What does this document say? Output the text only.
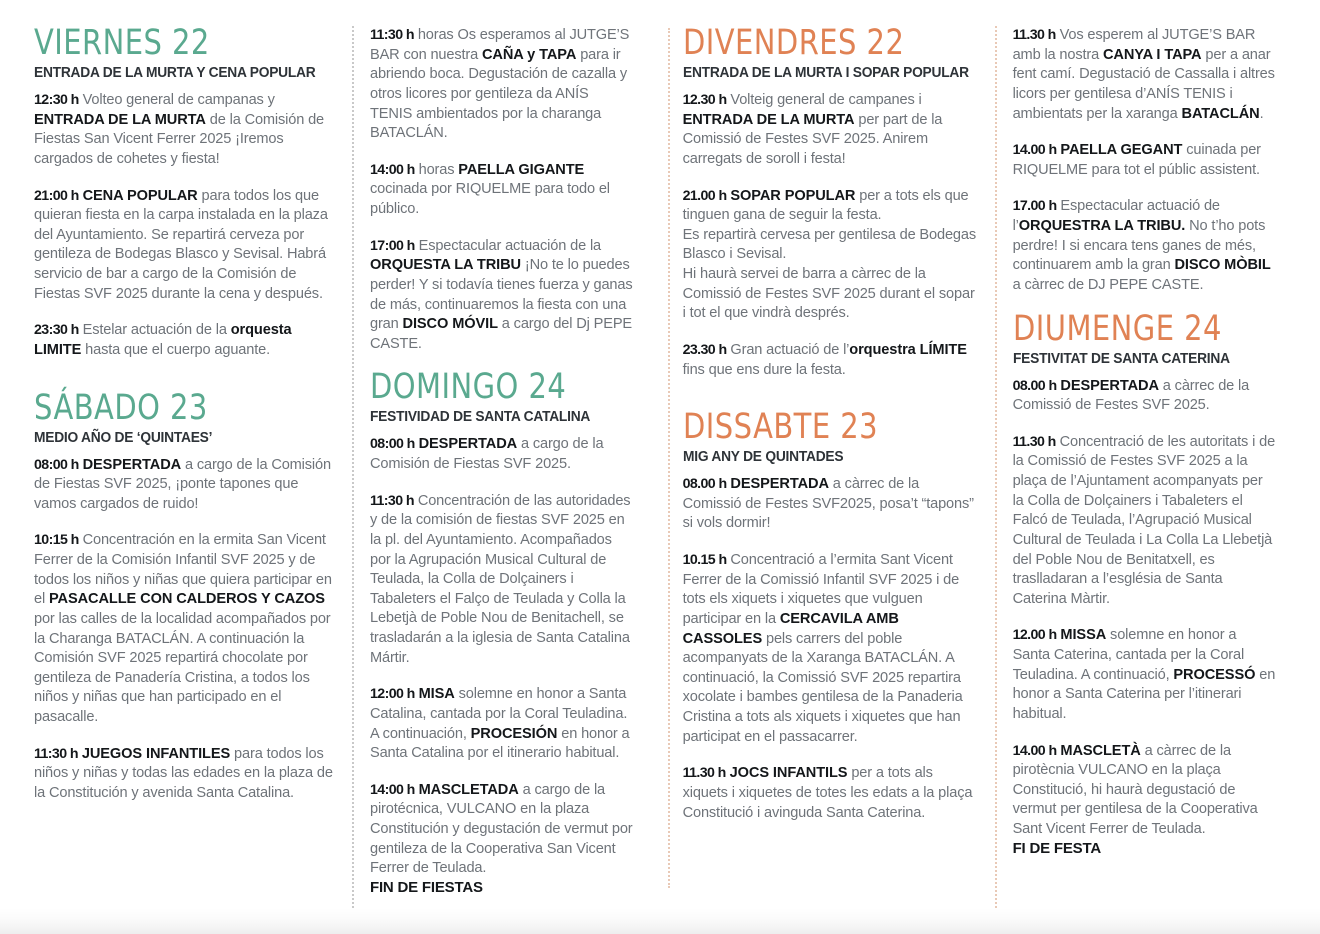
VIERNES 22
ENTRADA DE LA MURTA Y CENA POPULAR

12:30 h Volteo general de campanas y ENTRADA DE LA MURTA de la Comisión de Fiestas San Vicent Ferrer 2025 ¡Iremos cargados de cohetes y fiesta!

21:00 h CENA POPULAR para todos los que quieran fiesta en la carpa instalada en la plaza del Ayuntamiento. Se repartirá cerveza por gentileza de Bodegas Blasco y Sevisal. Habrá servicio de bar a cargo de la Comisión de Fiestas SVF 2025 durante la cena y después.

23:30 h Estelar actuación de la orquesta LIMITE hasta que el cuerpo aguante.

SÁBADO 23
MEDIO AÑO DE ‘QUINTAES’

08:00 h DESPERTADA a cargo de la Comisión de Fiestas SVF 2025, ¡ponte tapones que vamos cargados de ruido!

10:15 h Concentración en la ermita San Vicent Ferrer de la Comisión Infantil SVF 2025 y de todos los niños y niñas que quiera participar en el PASACALLE CON CALDEROS Y CAZOS por las calles de la localidad acompañados por la Charanga BATACLÁN. A continuación la Comisión SVF 2025 repartirá chocolate por gentileza de Panadería Cristina, a todos los niños y niñas que han participado en el pasacalle.

11:30 h JUEGOS INFANTILES para todos los niños y niñas y todas las edades en la plaza de la Constitución y avenida Santa Catalina.

11:30 h horas Os esperamos al JUTGE’S BAR con nuestra CAÑA y TAPA para ir abriendo boca. Degustación de cazalla y otros licores por gentileza da ANÍS TENIS ambientados por la charanga BATACLÁN.

14:00 h horas PAELLA GIGANTE cocinada por RIQUELME para todo el público.

17:00 h Espectacular actuación de la ORQUESTA LA TRIBU ¡No te lo puedes perder! Y si todavía tienes fuerza y ganas de más, continuaremos la fiesta con una gran DISCO MÓVIL a cargo del Dj PEPE CASTE.

DOMINGO 24
FESTIVIDAD DE SANTA CATALINA

08:00 h DESPERTADA a cargo de la Comisión de Fiestas SVF 2025.

11:30 h Concentración de las autoridades y de la comisión de fiestas SVF 2025 en la pl. del Ayuntamiento. Acompañados por la Agrupación Musical Cultural de Teulada, la Colla de Dolçainers i Tabaleters el Falço de Teulada y Colla la Lebetjà de Poble Nou de Benitachell, se trasladarán a la iglesia de Santa Catalina Mártir.

12:00 h MISA solemne en honor a Santa Catalina, cantada por la Coral Teuladina. A continuación, PROCESIÓN en honor a Santa Catalina por el itinerario habitual.

14:00 h MASCLETADA a cargo de la pirotécnica, VULCANO en la plaza Constitución y degustación de vermut por gentileza de la Cooperativa San Vicent Ferrer de Teulada.

FIN DE FIESTAS
DIVENDRES 22
ENTRADA DE LA MURTA I SOPAR POPULAR

12.30 h Volteig general de campanes i ENTRADA DE LA MURTA per part de la Comissió de Festes SVF 2025. Anirem carregats de soroll i festa!

21.00 h SOPAR POPULAR per a tots els que tinguen gana de seguir la festa.
Es repartirà cervesa per gentilesa de Bodegas Blasco i Sevisal.
Hi haurà servei de barra a càrrec de la Comissió de Festes SVF 2025 durant el sopar i tot el que vindrà després.

23.30 h Gran actuació de l’orquestra LÍMITE fins que ens dure la festa.

DISSABTE 23
MIG ANY DE QUINTADES

08.00 h DESPERTADA a càrrec de la Comissió de Festes SVF2025, posa’t “tapons” si vols dormir!

10.15 h Concentració a l’ermita Sant Vicent Ferrer de la Comissió Infantil SVF 2025 i de tots els xiquets i xiquetes que vulguen participar en la CERCAVILA AMB CASSOLES pels carrers del poble acompanyats de la Xaranga BATACLÁN. A continuació, la Comissió SVF 2025 repartira xocolate i bambes gentilesa de la Panaderia Cristina a tots als xiquets i xiquetes que han participat en el passacarrer.

11.30 h JOCS INFANTILS per a tots als xiquets i xiquetes de totes les edats a la plaça Constitució i avinguda Santa Caterina.

11.30 h Vos esperem al JUTGE’S BAR amb la nostra CANYA I TAPA per a anar fent camí. Degustació de Cassalla i altres licors per gentilesa d’ANÍS TENIS i ambientats per la xaranga BATACLÁN.

14.00 h PAELLA GEGANT cuinada per RIQUELME para tot el públic assistent.

17.00 h Espectacular actuació de l’ORQUESTRA LA TRIBU. No t’ho pots perdre! I si encara tens ganes de més, continuarem amb la gran DISCO MÒBIL a càrrec de DJ PEPE CASTE.

DIUMENGE 24
FESTIVITAT DE SANTA CATERINA

08.00 h DESPERTADA a càrrec de la Comissió de Festes SVF 2025.

11.30 h Concentració de les autoritats i de la Comissió de Festes SVF 2025 a la plaça de l’Ajuntament acompanyats per la Colla de Dolçainers i Tabaleters el Falcó de Teulada, l’Agrupació Musical Cultural de Teulada i La Colla La Llebetjà del Poble Nou de Benitatxell, es traslladaran a l’església de Santa Caterina Màrtir.

12.00 h MISSA solemne en honor a Santa Caterina, cantada per la Coral Teuladina. A continuació, PROCESSÓ en honor a Santa Caterina per l’itinerari habitual.

14.00 h MASCLETÀ a càrrec de la pirotècnia VULCANO en la plaça Constitució, hi haurà degustació de vermut per gentilesa de la Cooperativa Sant Vicent Ferrer de Teulada.

FI DE FESTA
